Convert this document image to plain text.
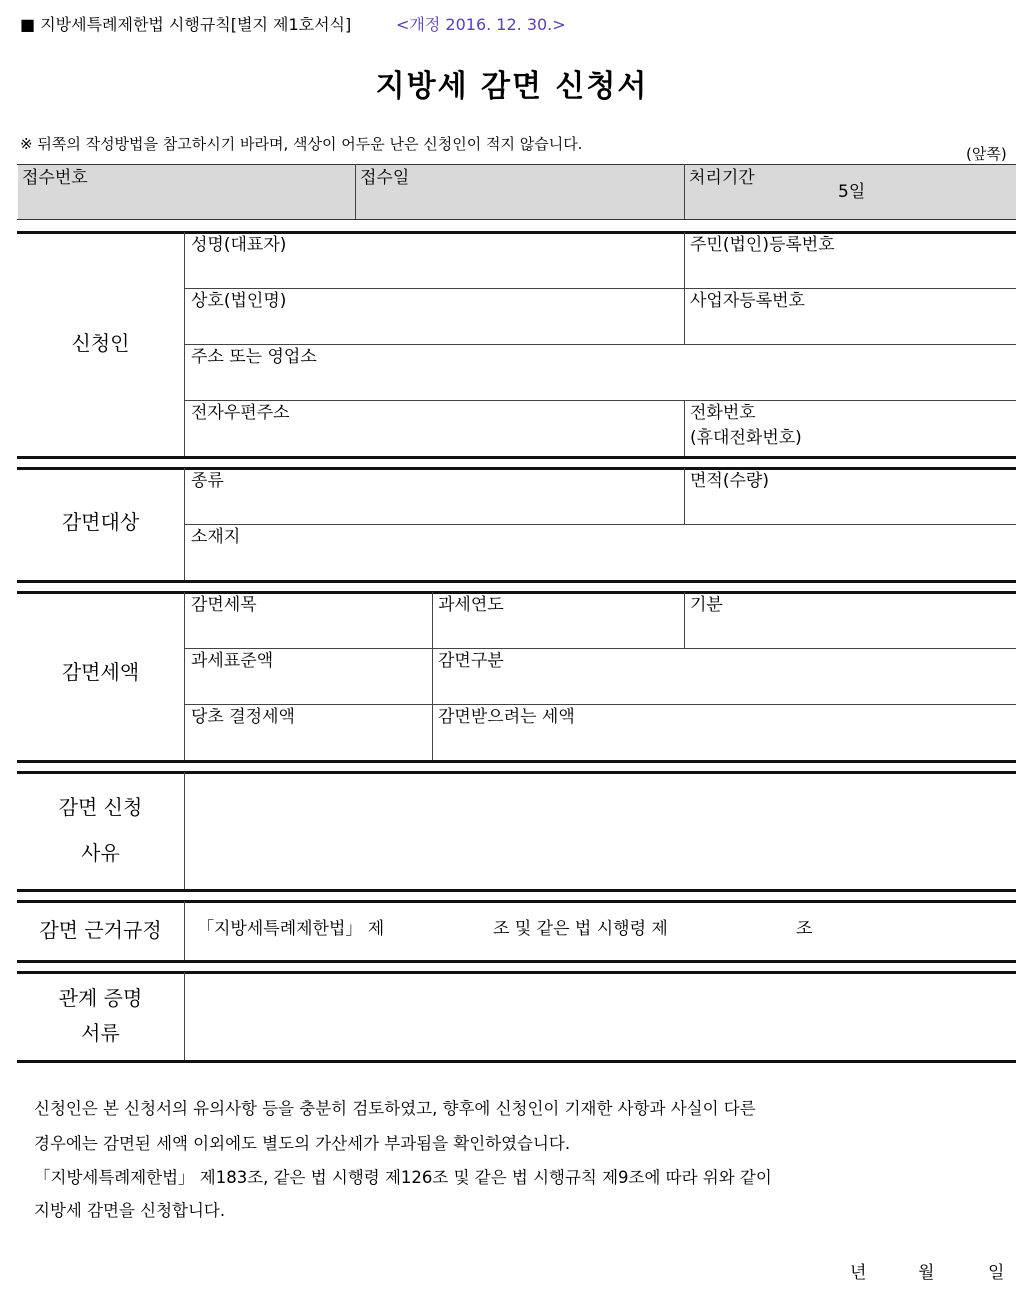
■ 지방세특례제한법 시행규칙[별지 제1호서식]	<개정 2016. 12. 30.>
지방세 감면 신청서
※ 뒤쪽의 작성방법을 참고하시기 바라며, 색상이 어두운 난은 신청인이 적지 않습니다.
(앞쪽)
접수번호	접수일	처리기간
5일
신청인
성명(대표자)	주민(법인)등록번호
상호(법인명)	사업자등록번호
주소 또는 영업소
전자우편주소	전화번호
(휴대전화번호)
감면대상
종류	면적(수량)
소재지
감면세액
감면세목	과세연도	기분
과세표준액	감면구분
당초 결정세액	감면받으려는 세액
감면 신청
사유
감면 근거규정	「지방세특례제한법」 제	조 및 같은 법 시행령 제	조
관계 증명
서류
신청인은 본 신청서의 유의사항 등을 충분히 검토하였고, 향후에 신청인이 기재한 사항과 사실이 다른
경우에는 감면된 세액 이외에도 별도의 가산세가 부과됨을 확인하였습니다.
「지방세특례제한법」 제183조, 같은 법 시행령 제126조 및 같은 법 시행규칙 제9조에 따라 위와 같이
지방세 감면을 신청합니다.
년	월	일
